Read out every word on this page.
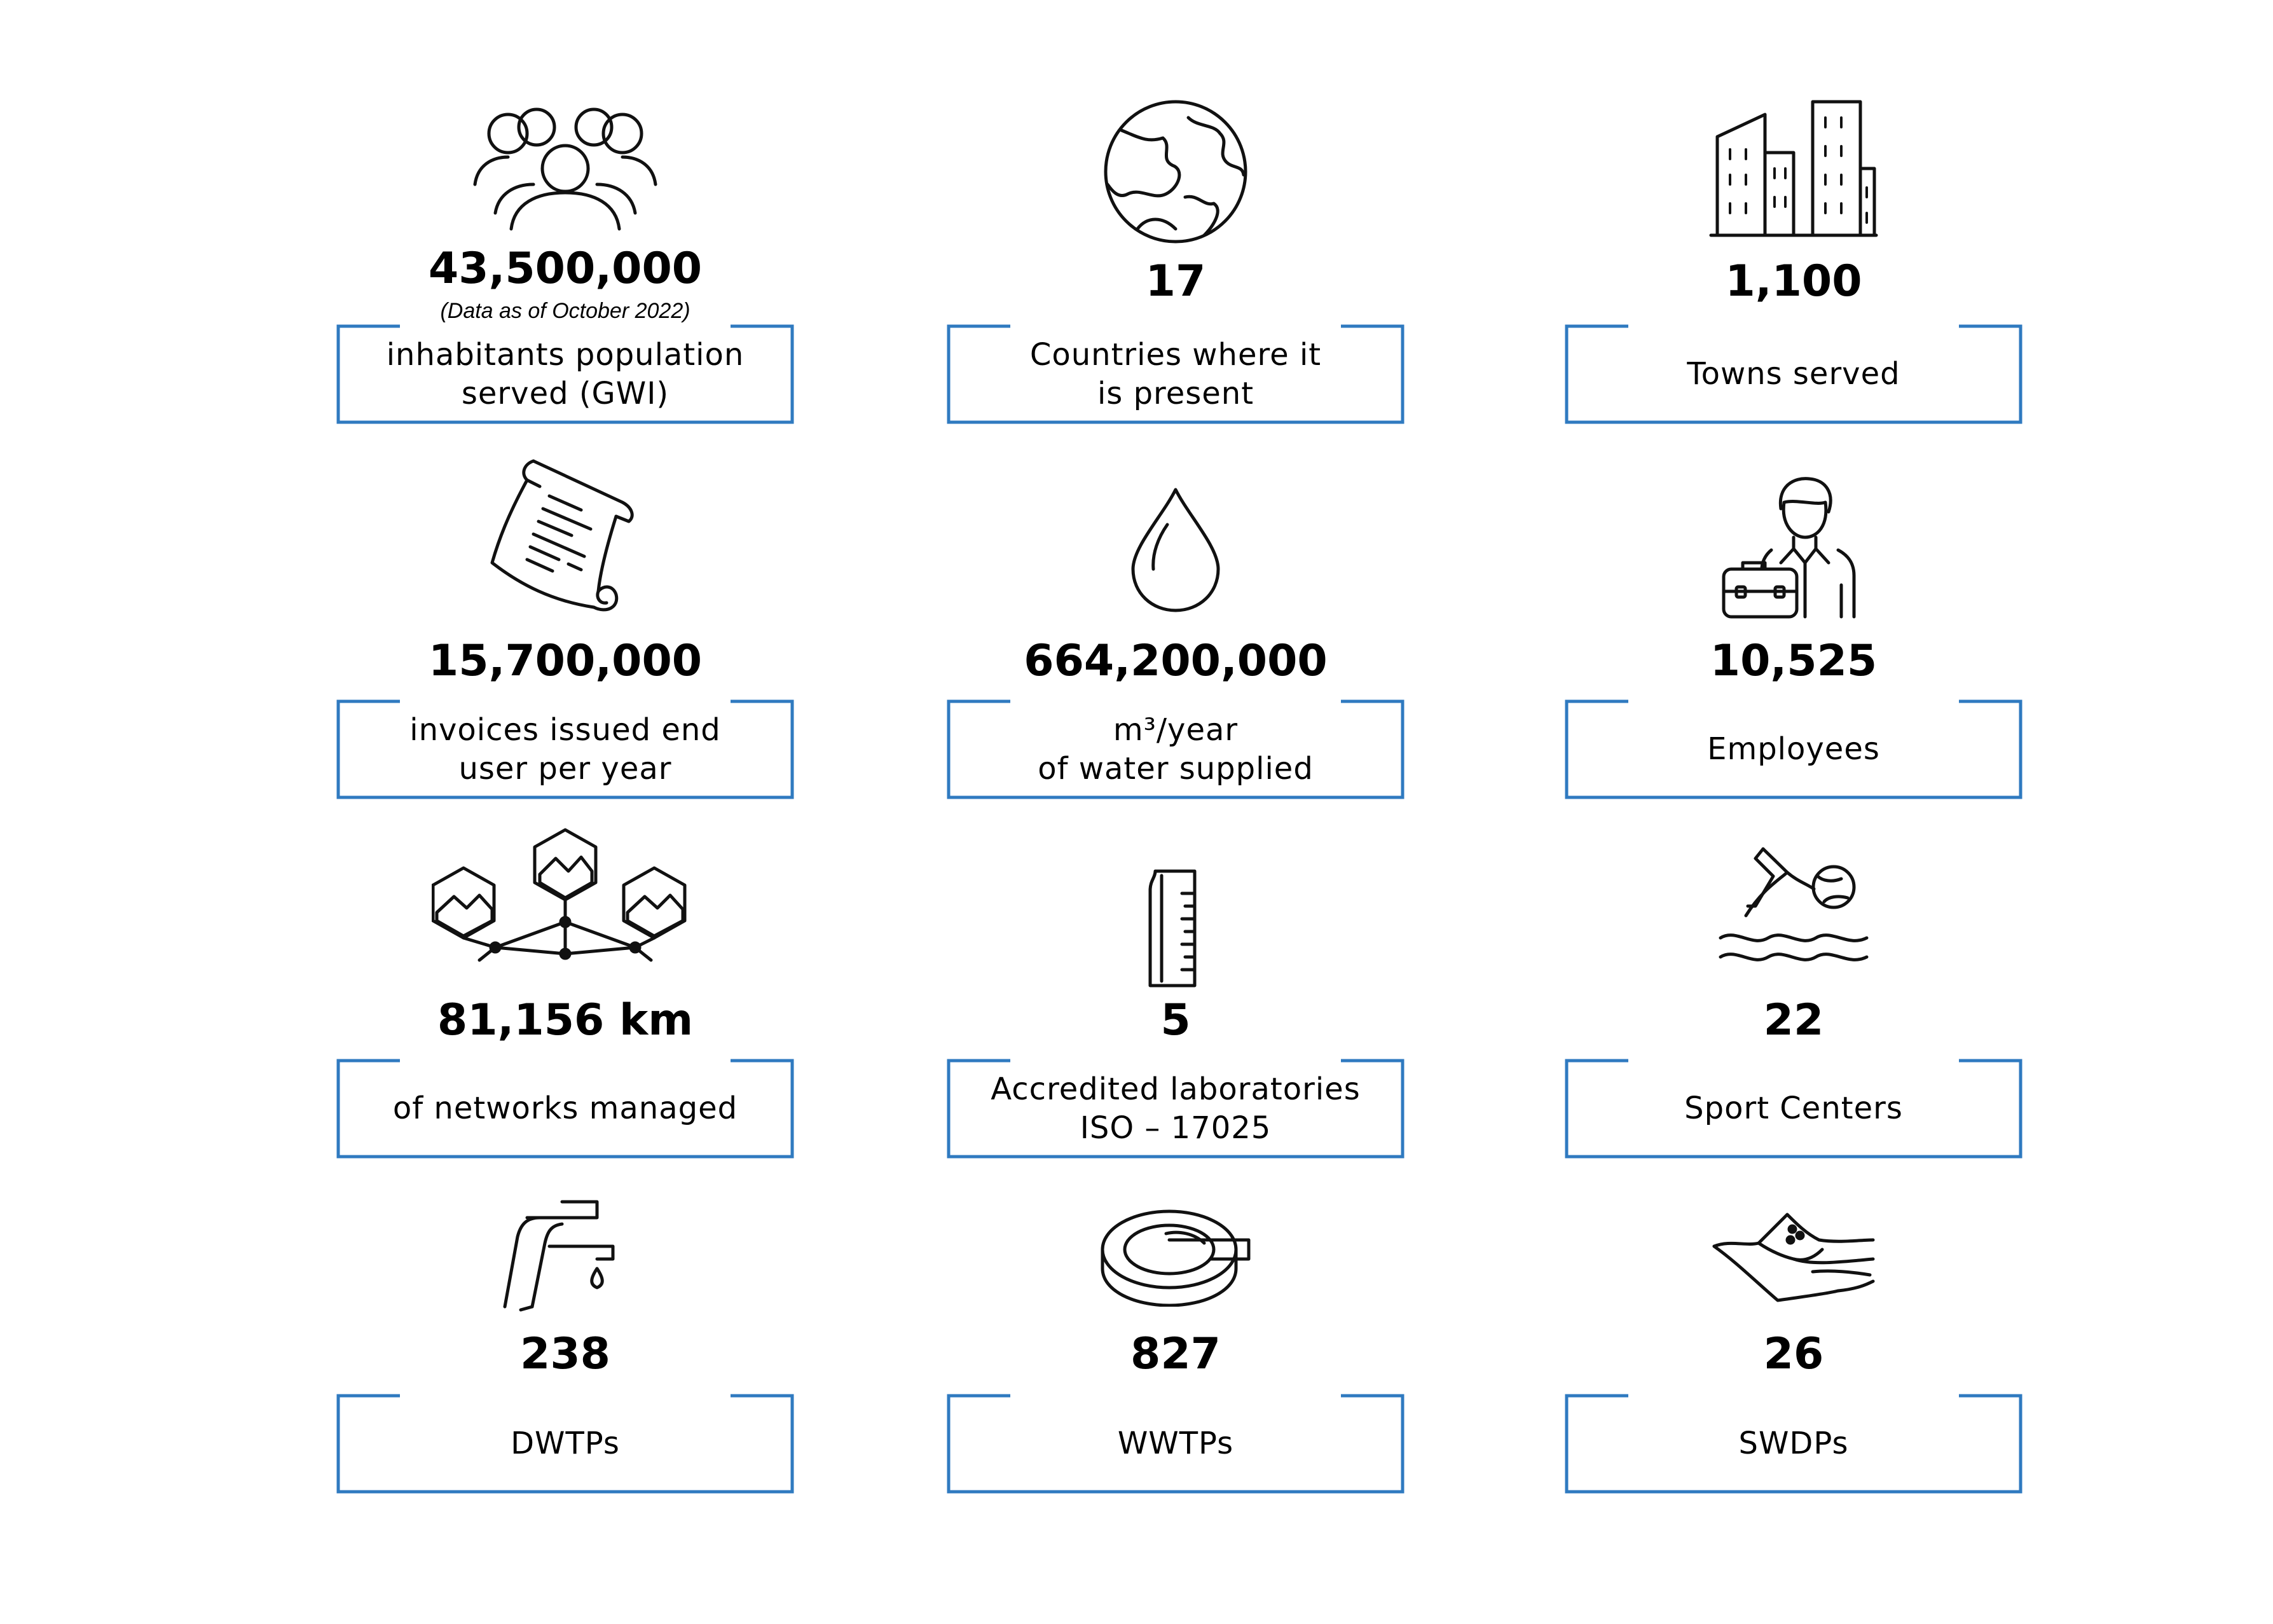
43,500,000
(Data as of October 2022)
inhabitants population
served (GWI)
17
Countries where it
is present
1,100
Towns served
15,700,000
invoices issued end
user per year
664,200,000
m³/year
of water supplied
10,525
Employees
81,156 km
of networks managed
5
Accredited laboratories
ISO – 17025
22
Sport Centers
238
DWTPs
827
WWTPs
26
SWDPs
